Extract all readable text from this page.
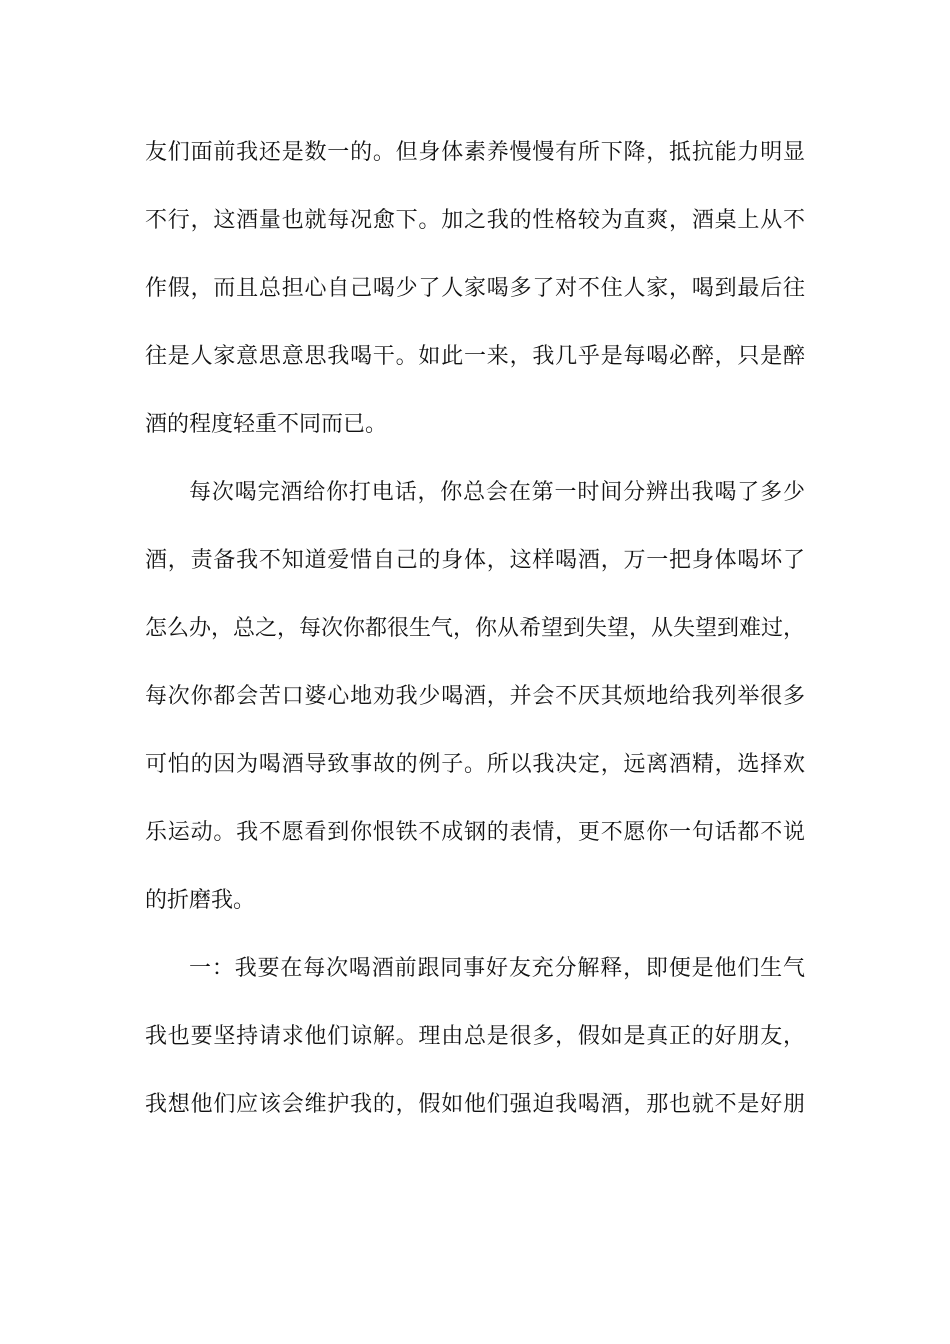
友们面前我还是数一的。但身体素养慢慢有所下降，抵抗能力明显
不行，这酒量也就每况愈下。加之我的性格较为直爽，酒桌上从不
作假，而且总担心自己喝少了人家喝多了对不住人家，喝到最后往
往是人家意思意思我喝干。如此一来，我几乎是每喝必醉，只是醉
酒的程度轻重不同而已。
每次喝完酒给你打电话，你总会在第一时间分辨出我喝了多少
酒，责备我不知道爱惜自己的身体，这样喝酒，万一把身体喝坏了
怎么办，总之，每次你都很生气，你从希望到失望，从失望到难过，
每次你都会苦口婆心地劝我少喝酒，并会不厌其烦地给我列举很多
可怕的因为喝酒导致事故的例子。所以我决定，远离酒精，选择欢
乐运动。我不愿看到你恨铁不成钢的表情，更不愿你一句话都不说
的折磨我。
一：我要在每次喝酒前跟同事好友充分解释，即便是他们生气
我也要坚持请求他们谅解。理由总是很多，假如是真正的好朋友，
我想他们应该会维护我的，假如他们强迫我喝酒，那也就不是好朋
